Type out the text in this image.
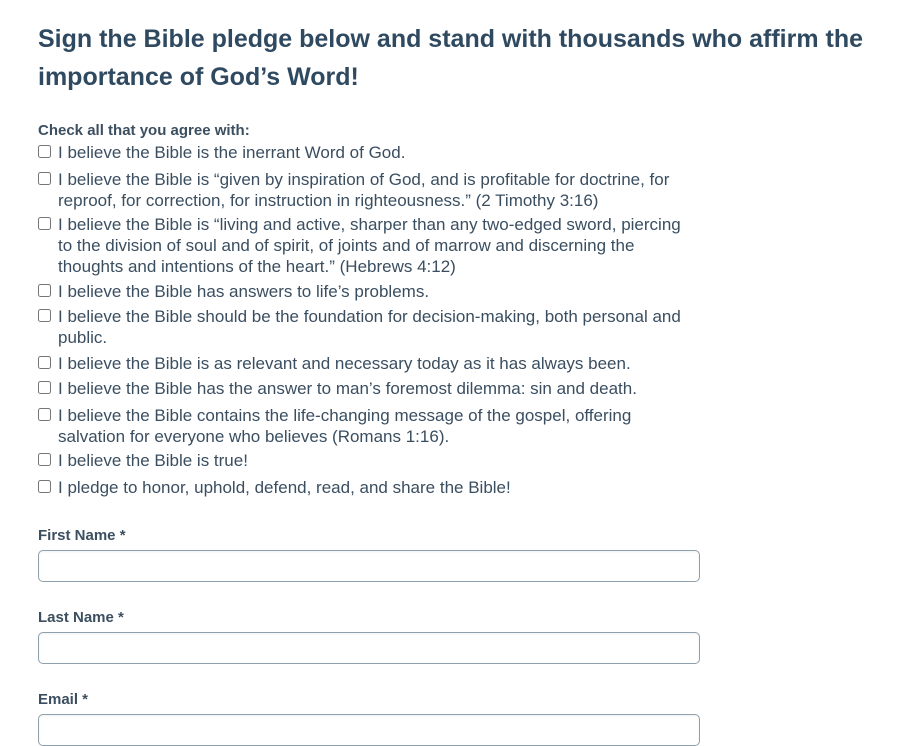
Sign the Bible pledge below and stand with thousands who affirm the importance of God’s Word!
Check all that you agree with:
I believe the Bible is the inerrant Word of God.
I believe the Bible is “given by inspiration of God, and is profitable for doctrine, for reproof, for correction, for instruction in righteousness.” (2 Timothy 3:16)
I believe the Bible is “living and active, sharper than any two-edged sword, piercing to the division of soul and of spirit, of joints and of marrow and discerning the thoughts and intentions of the heart.” (Hebrews 4:12)
I believe the Bible has answers to life’s problems.
I believe the Bible should be the foundation for decision-making, both personal and public.
I believe the Bible is as relevant and necessary today as it has always been.
I believe the Bible has the answer to man’s foremost dilemma: sin and death.
I believe the Bible contains the life-changing message of the gospel, offering salvation for everyone who believes (Romans 1:16).
I believe the Bible is true!
I pledge to honor, uphold, defend, read, and share the Bible!
First Name *
Last Name *
Email *
